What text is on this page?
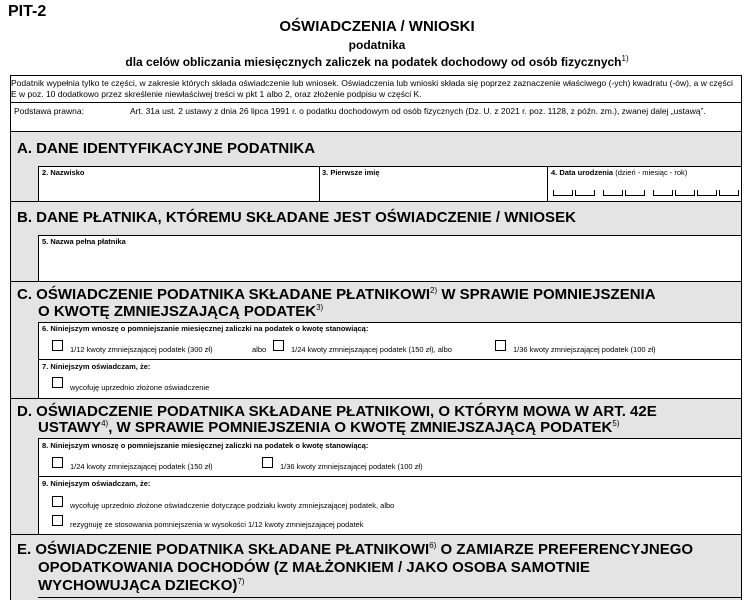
PIT-2
OŚWIADCZENIA / WNIOSKI
podatnika
dla celów obliczania miesięcznych zaliczek na podatek dochodowy od osób fizycznych$^{1)}$
Podatnik wypełnia tylko te części, w zakresie których składa oświadczenie lub wniosek. Oświadczenia lub wnioski składa się poprzez zaznaczenie właściwego (-ych) kwadratu (-ów), a w części E w poz. 10 dodatkowo przez skreślenie niewłaściwej treści w pkt 1 albo 2, oraz złożenie podpisu w części K.
Podstawa prawna:	Art. 31a ust. 2 ustawy z dnia 26 lipca 1991 r. o podatku dochodowym od osób fizycznych (Dz. U. z 2021 r. poz. 1128, z późn. zm.), zwanej dalej „ustawą”.
A. DANE IDENTYFIKACYJNE PODATNIKA
2. Nazwisko	3. Pierwsze imię	4. Data urodzenia (dzień - miesiąc - rok)
B. DANE PŁATNIKA, KTÓREMU SKŁADANE JEST OŚWIADCZENIE / WNIOSEK
5. Nazwa pełna płatnika
C. OŚWIADCZENIE PODATNIKA SKŁADANE PŁATNIKOWI$^{2)}$ W SPRAWIE POMNIEJSZENIA
O KWOTĘ ZMNIEJSZAJĄCĄ PODATEK$^{3)}$
6. Niniejszym wnoszę o pomniejszanie miesięcznej zaliczki na podatek o kwotę stanowiącą:
1/12 kwoty zmniejszającej podatek (300 zł)	albo	1/24 kwoty zmniejszającej podatek (150 zł), albo	1/36 kwoty zmniejszającej podatek (100 zł)
7. Niniejszym oświadczam, że:
wycofuję uprzednio złożone oświadczenie
D. OŚWIADCZENIE PODATNIKA SKŁADANE PŁATNIKOWI, O KTÓRYM MOWA W ART. 42E
USTAWY$^{4)}$, W SPRAWIE POMNIEJSZENIA O KWOTĘ ZMNIEJSZAJĄCĄ PODATEK$^{5)}$
8. Niniejszym wnoszę o pomniejszanie miesięcznej zaliczki na podatek o kwotę stanowiącą:
1/24 kwoty zmniejszającej podatek (150 zł)	1/36 kwoty zmniejszającej podatek (100 zł)
9. Niniejszym oświadczam, że:
wycofuję uprzednio złożone oświadczenie dotyczące podziału kwoty zmniejszającej podatek, albo
rezygnuję ze stosowania pomniejszenia w wysokości 1/12 kwoty zmniejszającej podatek
E. OŚWIADCZENIE PODATNIKA SKŁADANE PŁATNIKOWI$^{6)}$ O ZAMIARZE PREFERENCYJNEGO
OPODATKOWANIA DOCHODÓW (Z MAŁŻONKIEM / JAKO OSOBA SAMOTNIE
WYCHOWUJĄCA DZIECKO)$^{7)}$
